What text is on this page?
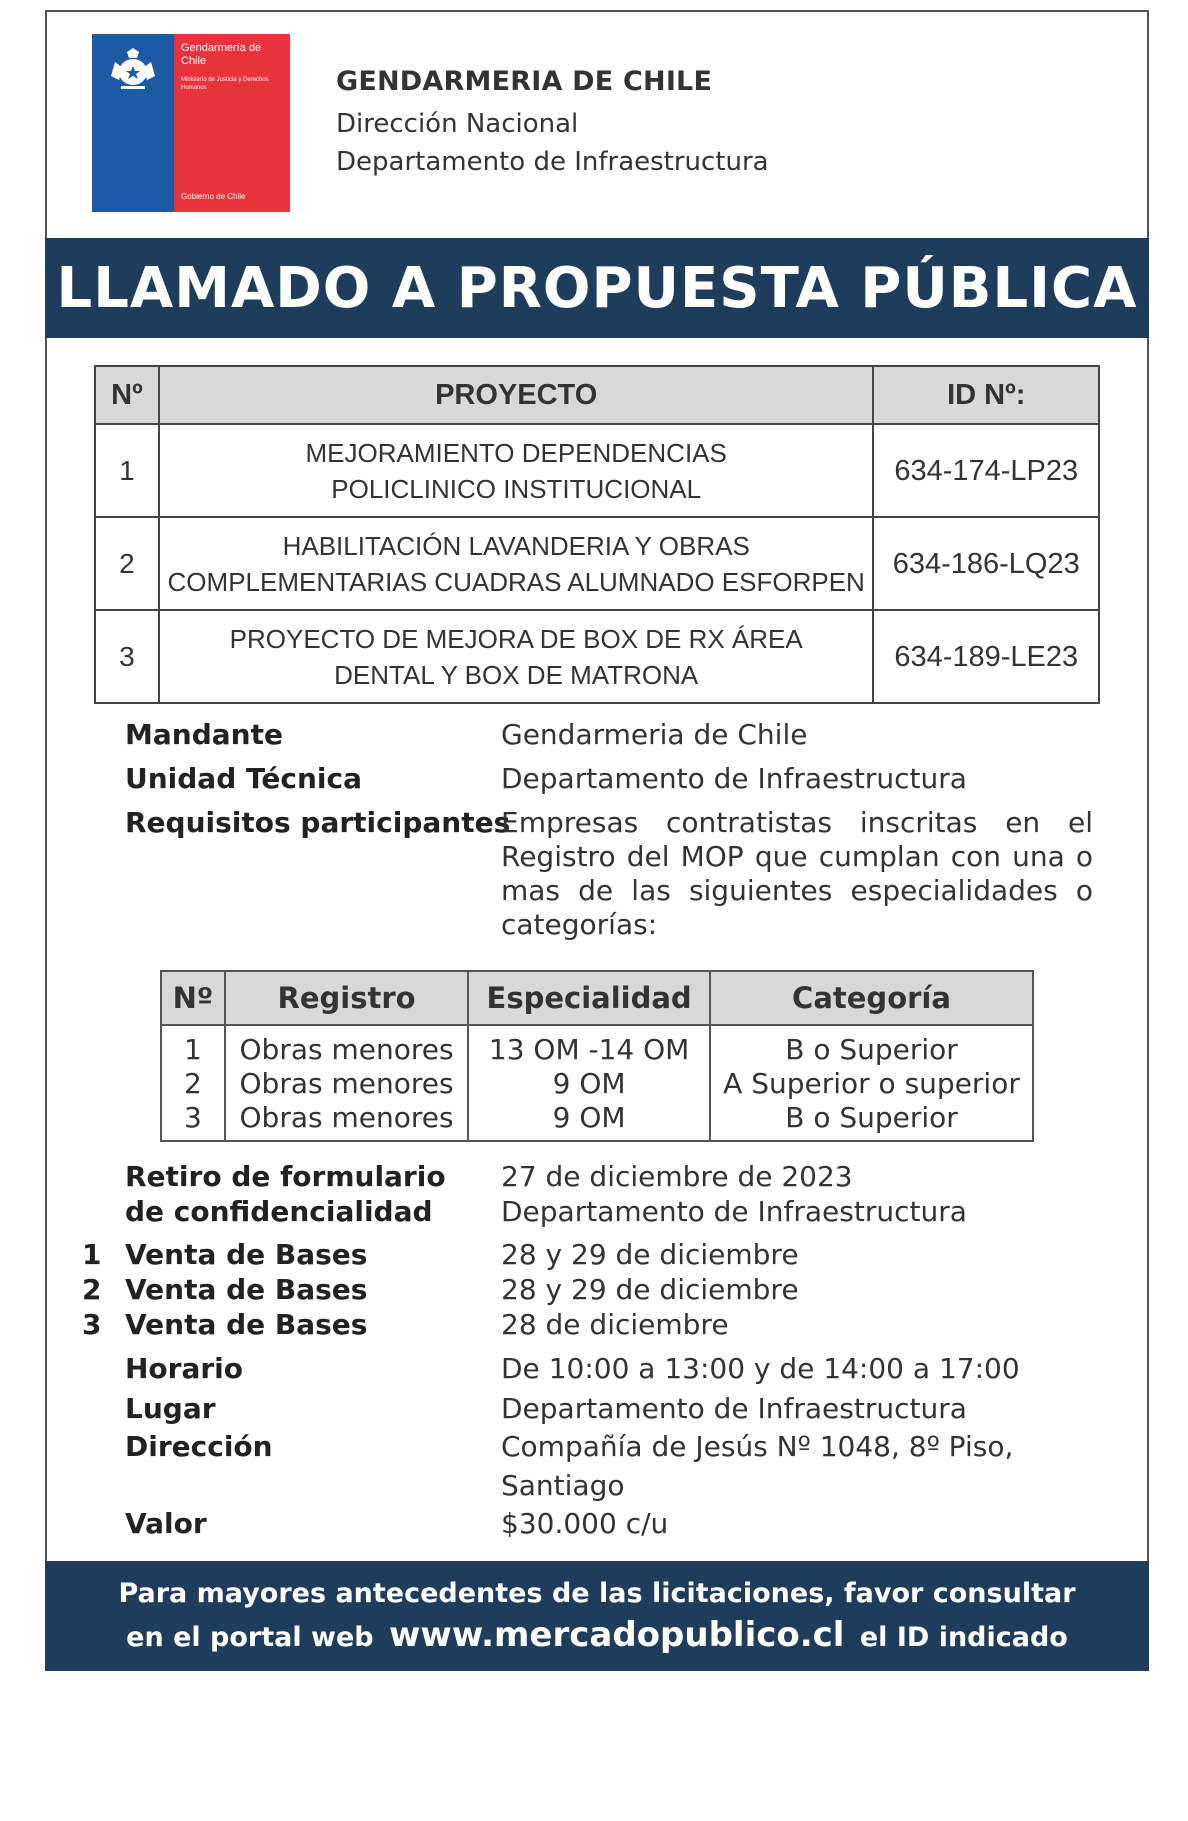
Gendarmería de Chile
Ministerio de Justicia y Derechos Humanos
Gobierno de Chile
GENDARMERIA DE CHILE
Dirección Nacional
Departamento de Infraestructura
LLAMADO A PROPUESTA PÚBLICA
Nº	PROYECTO	ID Nº:
1	MEJORAMIENTO DEPENDENCIAS
POLICLINICO INSTITUCIONAL	634-174-LP23
2	HABILITACIÓN LAVANDERIA Y OBRAS
COMPLEMENTARIAS CUADRAS ALUMNADO ESFORPEN	634-186-LQ23
3	PROYECTO DE MEJORA DE BOX DE RX ÁREA
DENTAL Y BOX DE MATRONA	634-189-LE23
Mandante	Gendarmeria de Chile
Unidad Técnica	Departamento de Infraestructura
Requisitos participantes
Empresas contratistas inscritas en el Registro del MOP que cumplan con una o mas de las siguientes especialidades o categorías:
Nº	Registro	Especialidad	Categoría
1	Obras menores	13 OM -14 OM	B o Superior
2	Obras menores	9 OM	A Superior o superior
3	Obras menores	9 OM	B o Superior
Retiro de formulario
de confidencialidad
27 de diciembre de 2023
Departamento de Infraestructura
1 Venta de Bases	28 y 29 de diciembre
2 Venta de Bases	28 y 29 de diciembre
3 Venta de Bases	28 de diciembre
Horario	De 10:00 a 13:00 y de 14:00 a 17:00
Lugar	Departamento de Infraestructura
Dirección	Compañía de Jesús Nº 1048, 8º Piso,
Santiago
Valor	$30.000 c/u
Para mayores antecedentes de las licitaciones, favor consultar
en el portal web www.mercadopublico.cl el ID indicado
